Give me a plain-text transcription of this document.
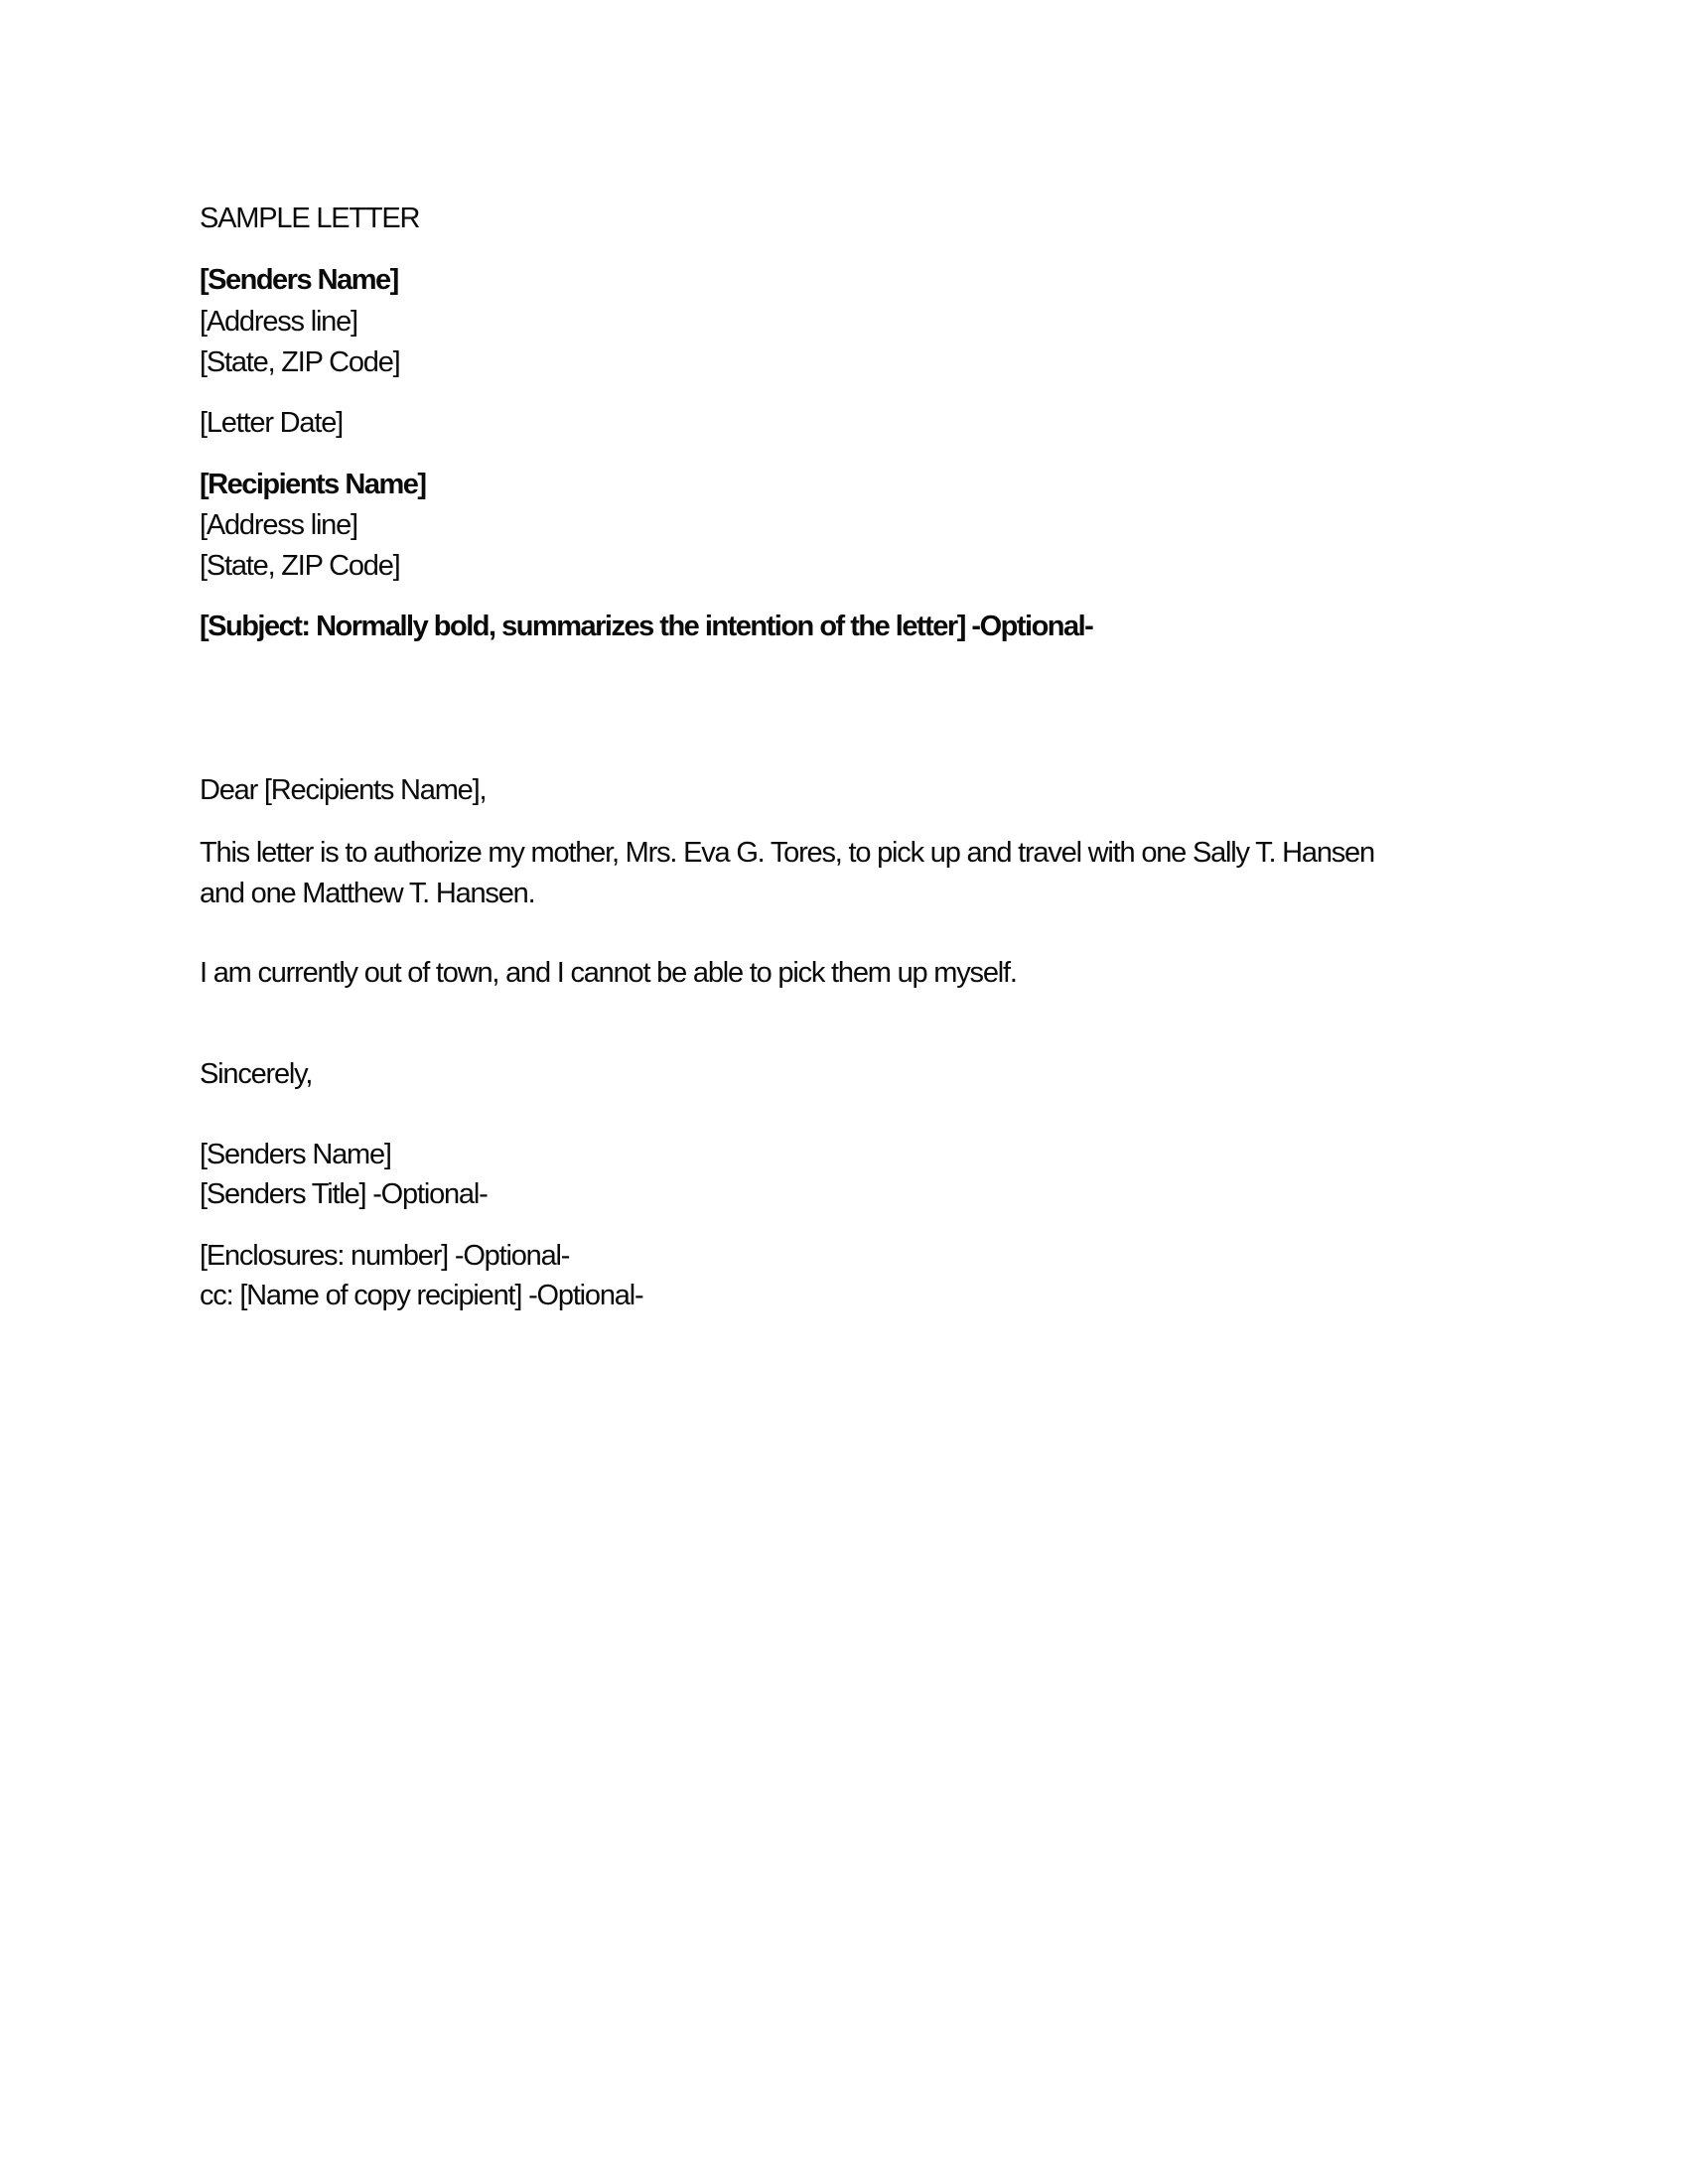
SAMPLE LETTER
[Senders Name]
[Address line]
[State, ZIP Code]
[Letter Date]
[Recipients Name]
[Address line]
[State, ZIP Code]
[Subject: Normally bold, summarizes the intention of the letter] -Optional-
Dear [Recipients Name],
This letter is to authorize my mother, Mrs. Eva G. Tores, to pick up and travel with one Sally T. Hansen
and one Matthew T. Hansen.
I am currently out of town, and I cannot be able to pick them up myself.
Sincerely,
[Senders Name]
[Senders Title] -Optional-
[Enclosures: number] -Optional-
cc: [Name of copy recipient] -Optional-
